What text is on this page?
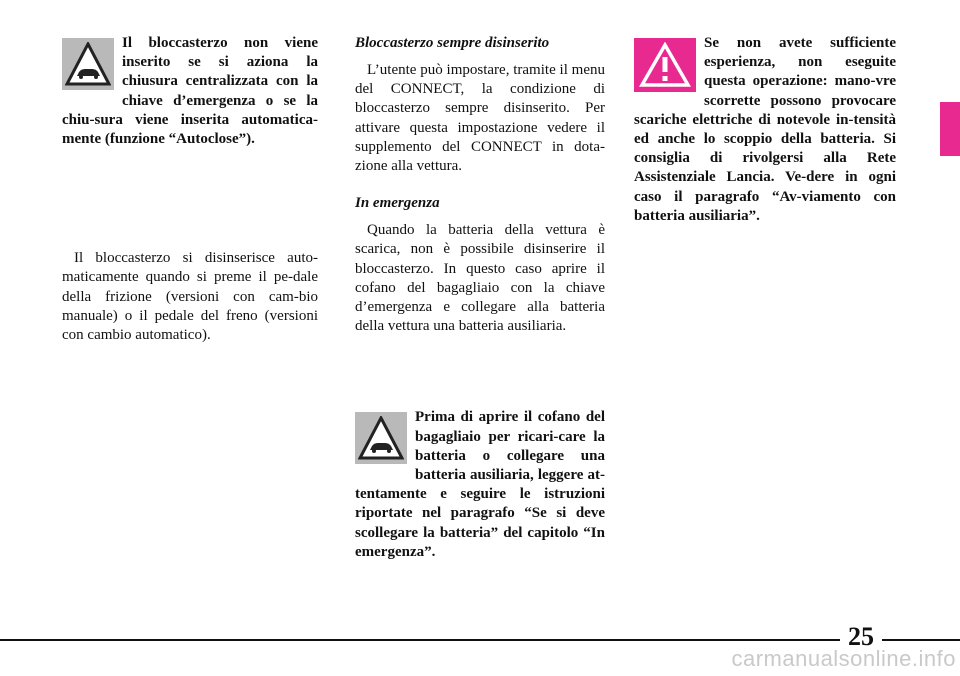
Il bloccasterzo non viene inserito se si aziona la chiusura centralizzata con la chiave d’emergenza o se la chiu-sura viene inserita automatica-mente (funzione “Autoclose”).

Il bloccasterzo si disinserisce auto-maticamente quando si preme il pe-dale della frizione (versioni con cam-bio manuale) o il pedale del freno (versioni con cambio automatico).

Bloccasterzo sempre disinserito

L’utente può impostare, tramite il menu del CONNECT, la condizione di bloccasterzo sempre disinserito. Per attivare questa impostazione vedere il supplemento del CONNECT in dota-zione alla vettura.

In emergenza

Quando la batteria della vettura è scarica, non è possibile disinserire il bloccasterzo. In questo caso aprire il cofano del bagagliaio con la chiave d’emergenza e collegare alla batteria della vettura una batteria ausiliaria.

Prima di aprire il cofano del bagagliaio per ricari-care la batteria o collegare una batteria ausiliaria, leggere at-tentamente e seguire le istruzioni riportate nel paragrafo “Se si deve scollegare la batteria” del capitolo “In emergenza”.
Se non avete sufficiente esperienza, non eseguite questa operazione: mano-vre scorrette possono provocare scariche elettriche di notevole in-tensità ed anche lo scoppio della batteria. Si consiglia di rivolgersi alla Rete Assistenziale Lancia. Ve-dere in ogni caso il paragrafo “Av-viamento con batteria ausiliaria”.
25
carmanualsonline.info
